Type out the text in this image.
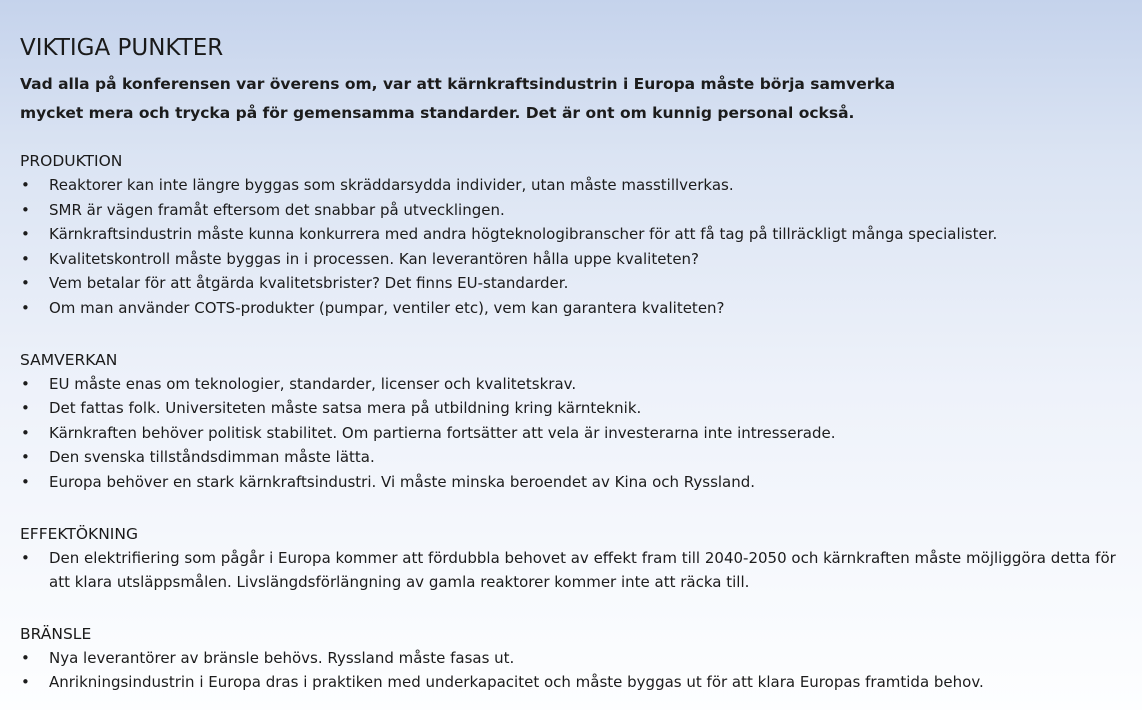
VIKTIGA PUNKTER

Vad alla på konferensen var överens om, var att kärnkraftsindustrin i Europa måste börja samverka mycket mera och trycka på för gemensamma standarder. Det är ont om kunnig personal också.

PRODUKTION
• Reaktorer kan inte längre byggas som skräddarsydda individer, utan måste masstillverkas.
• SMR är vägen framåt eftersom det snabbar på utvecklingen.
• Kärnkraftsindustrin måste kunna konkurrera med andra högteknologibranscher för att få tag på tillräckligt många specialister.
• Kvalitetskontroll måste byggas in i processen. Kan leverantören hålla uppe kvaliteten?
• Vem betalar för att åtgärda kvalitetsbrister? Det finns EU-standarder.
• Om man använder COTS-produkter (pumpar, ventiler etc), vem kan garantera kvaliteten?
SAMVERKAN
• EU måste enas om teknologier, standarder, licenser och kvalitetskrav.
• Det fattas folk. Universiteten måste satsa mera på utbildning kring kärnteknik.
• Kärnkraften behöver politisk stabilitet. Om partierna fortsätter att vela är investerarna inte intresserade.
• Den svenska tillståndsdimman måste lätta.
• Europa behöver en stark kärnkraftsindustri. Vi måste minska beroendet av Kina och Ryssland.
EFFEKTÖKNING
• Den elektrifiering som pågår i Europa kommer att fördubbla behovet av effekt fram till 2040-2050 och kärnkraften måste möjliggöra detta för att klara utsläppsmålen. Livslängdsförlängning av gamla reaktorer kommer inte att räcka till.
BRÄNSLE
• Nya leverantörer av bränsle behövs. Ryssland måste fasas ut.
• Anrikningsindustrin i Europa dras i praktiken med underkapacitet och måste byggas ut för att klara Europas framtida behov.
